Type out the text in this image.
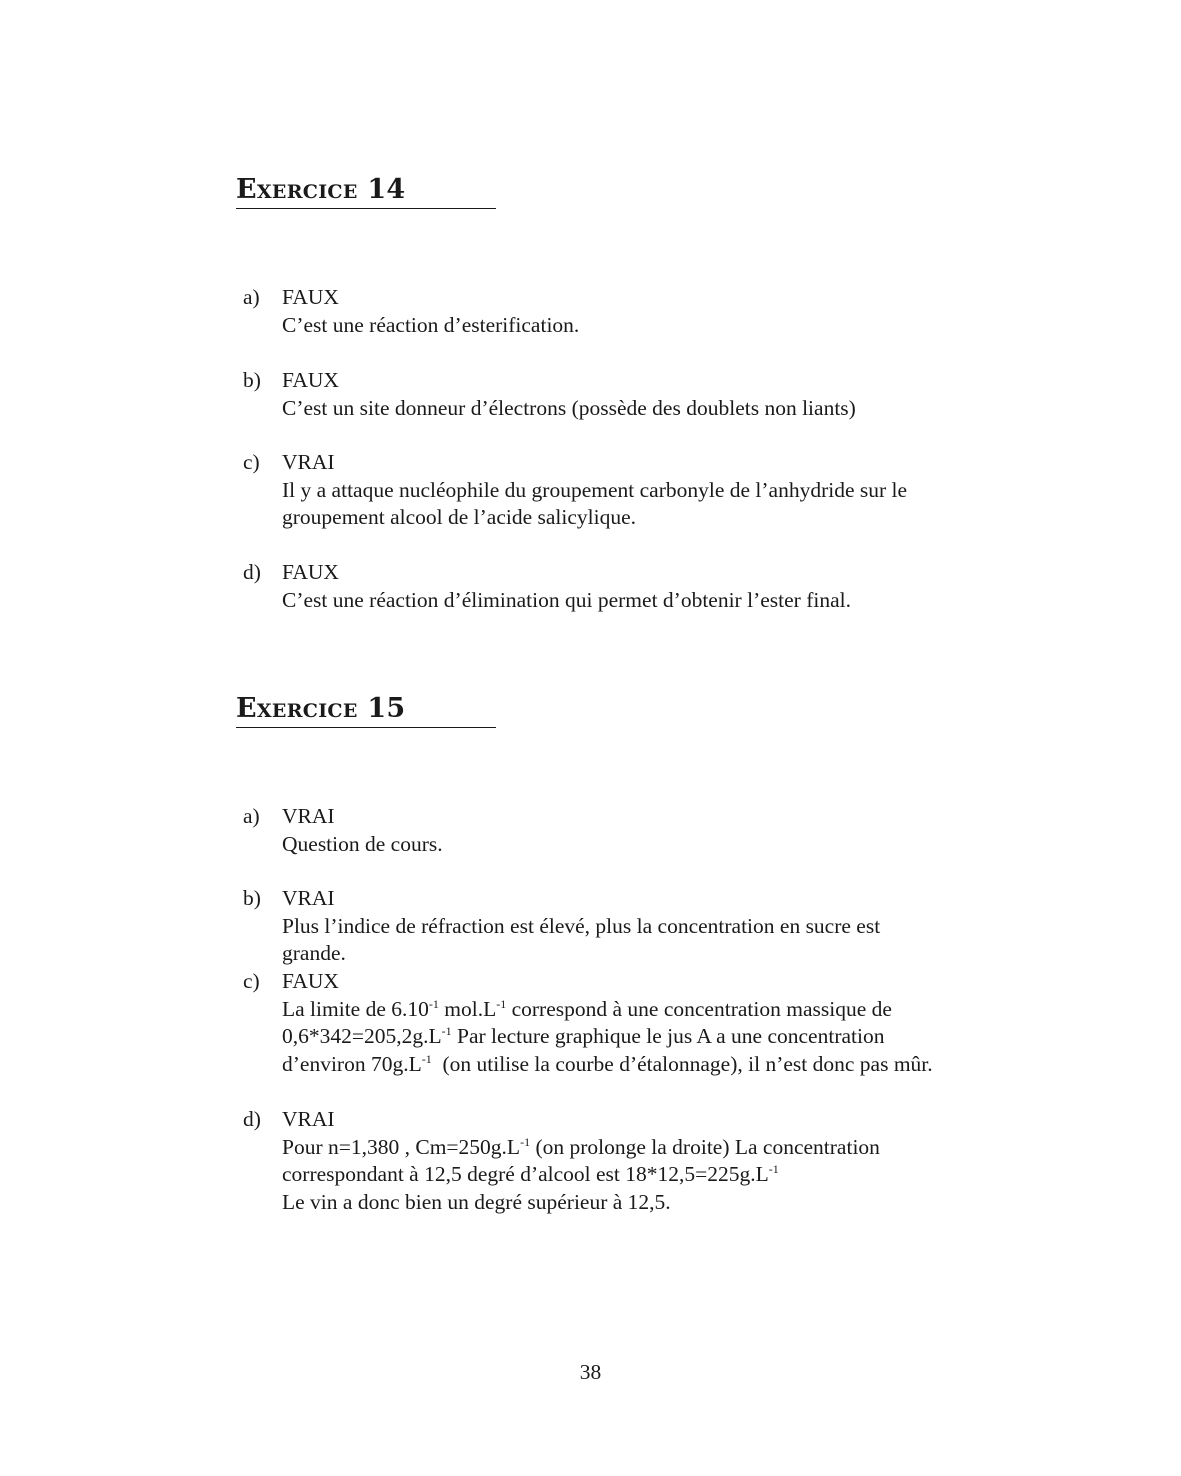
Exercice 14
a) FAUX
C’est une réaction d’esterification.
b) FAUX
C’est un site donneur d’électrons (possède des doublets non liants)
c) VRAI
Il y a attaque nucléophile du groupement carbonyle de l’anhydride sur le
groupement alcool de l’acide salicylique.
d) FAUX
C’est une réaction d’élimination qui permet d’obtenir l’ester final.
Exercice 15
a) VRAI
Question de cours.
b) VRAI
Plus l’indice de réfraction est élevé, plus la concentration en sucre est
grande.
c) FAUX
La limite de $6.10^{-1}$ $mol.L^{-1}$ correspond à une concentration massique de
$0,6*342=205,2g.L^{-1}$ Par lecture graphique le jus A a une concentration
d’environ $70g.L^{-1}$  (on utilise la courbe d’étalonnage), il n’est donc pas mûr.
d) VRAI
Pour n=1,380 , $Cm=250g.L^{-1}$ (on prolonge la droite) La concentration
correspondant à 12,5 degré d’alcool est $18*12,5=225g.L^{-1}$
Le vin a donc bien un degré supérieur à 12,5.
38
